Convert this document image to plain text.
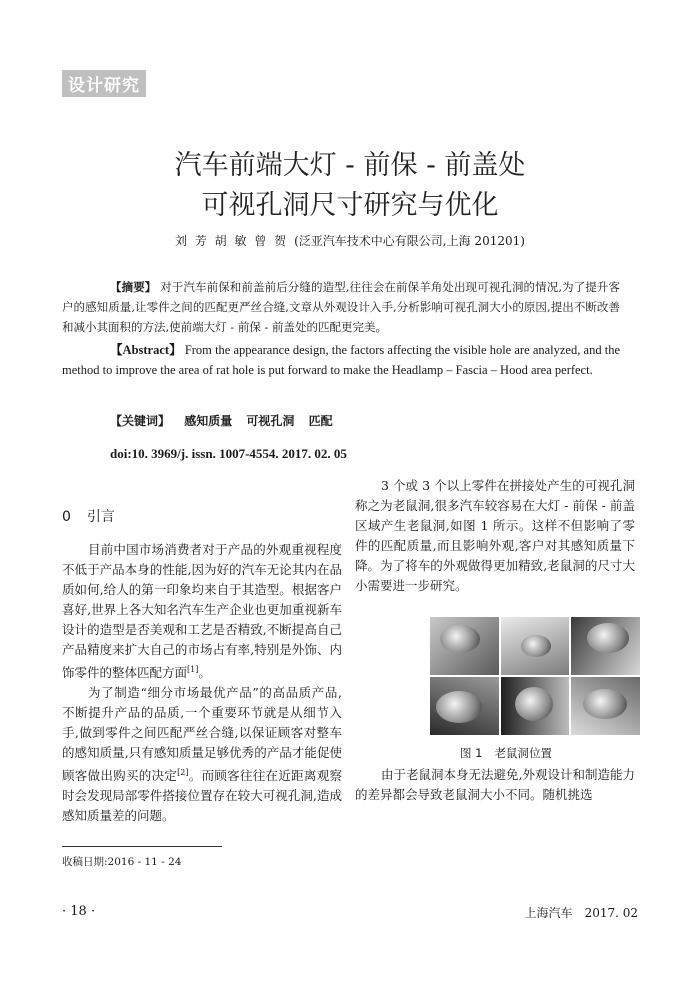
设计研究
汽车前端大灯 - 前保 - 前盖处
可视孔洞尺寸研究与优化
刘 芳 胡 敏 曾 贺 (泛亚汽车技术中心有限公司,上海 201201)
【摘要】 对于汽车前保和前盖前后分缝的造型,往往会在前保羊角处出现可视孔洞的情况,为了提升客户的感知质量,让零件之间的匹配更严丝合缝,文章从外观设计入手,分析影响可视孔洞大小的原因,提出不断改善和减小其面积的方法,使前端大灯 - 前保 - 前盖处的匹配更完美。
【Abstract】 From the appearance design, the factors affecting the visible hole are analyzed, and the method to improve the area of rat hole is put forward to make the Headlamp – Fascia – Hood area perfect.
【关键词】 感知质量 可视孔洞 匹配
doi:10. 3969/j. issn. 1007-4554. 2017. 02. 05
0 引言

目前中国市场消费者对于产品的外观重视程度不低于产品本身的性能,因为好的汽车无论其内在品质如何,给人的第一印象均来自于其造型。根据客户喜好,世界上各大知名汽车生产企业也更加重视新车设计的造型是否美观和工艺是否精致,不断提高自己产品精度来扩大自己的市场占有率,特别是外饰、内饰零件的整体匹配方面[1]。

为了制造“细分市场最优产品”的高品质产品,不断提升产品的品质,一个重要环节就是从细节入手,做到零件之间匹配严丝合缝,以保证顾客对整车的感知质量,只有感知质量足够优秀的产品才能促使顾客做出购买的决定[2]。而顾客往往在近距离观察时会发现局部零件搭接位置存在较大可视孔洞,造成感知质量差的问题。

3 个或 3 个以上零件在拼接处产生的可视孔洞称之为老鼠洞,很多汽车较容易在大灯 - 前保 - 前盖区域产生老鼠洞,如图 1 所示。这样不但影响了零件的匹配质量,而且影响外观,客户对其感知质量下降。为了将车的外观做得更加精致,老鼠洞的尺寸大小需要进一步研究。

图 1 老鼠洞位置

由于老鼠洞本身无法避免,外观设计和制造能力的差异都会导致老鼠洞大小不同。随机挑选

收稿日期:2016 - 11 - 24
· 18 ·	上海汽车 2017. 02
